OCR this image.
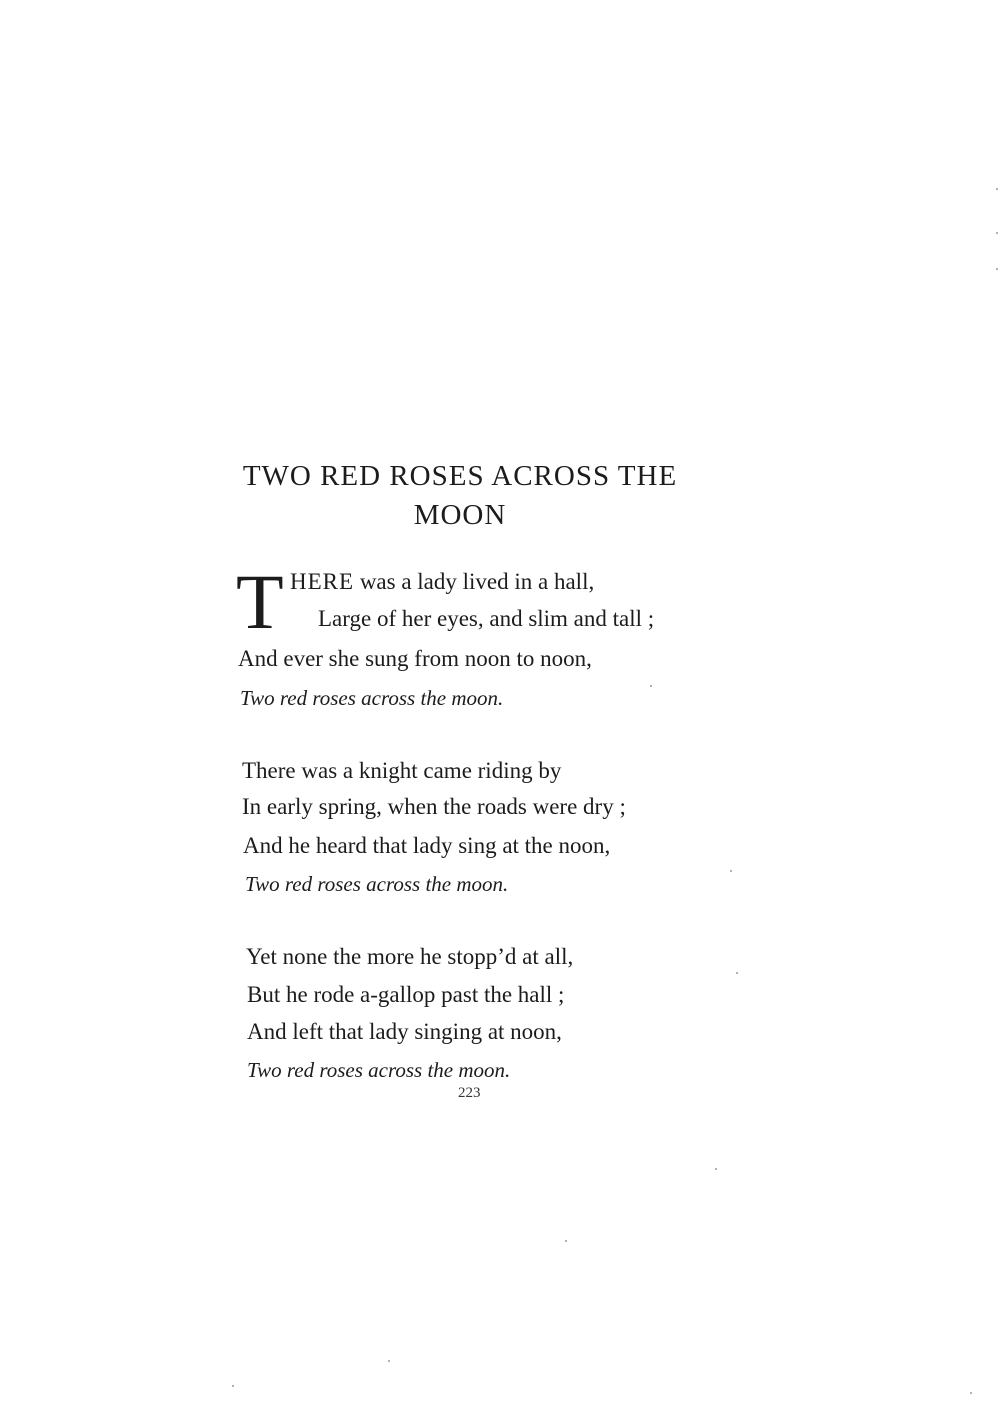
TWO RED ROSES ACROSS THE
MOON
T HERE was a lady lived in a hall,
Large of her eyes, and slim and tall ;
And ever she sung from noon to noon,
Two red roses across the moon.
There was a knight came riding by
In early spring, when the roads were dry ;
And he heard that lady sing at the noon,
Two red roses across the moon.
Yet none the more he stopp’d at all,
But he rode a-gallop past the hall ;
And left that lady singing at noon,
Two red roses across the moon.
223
